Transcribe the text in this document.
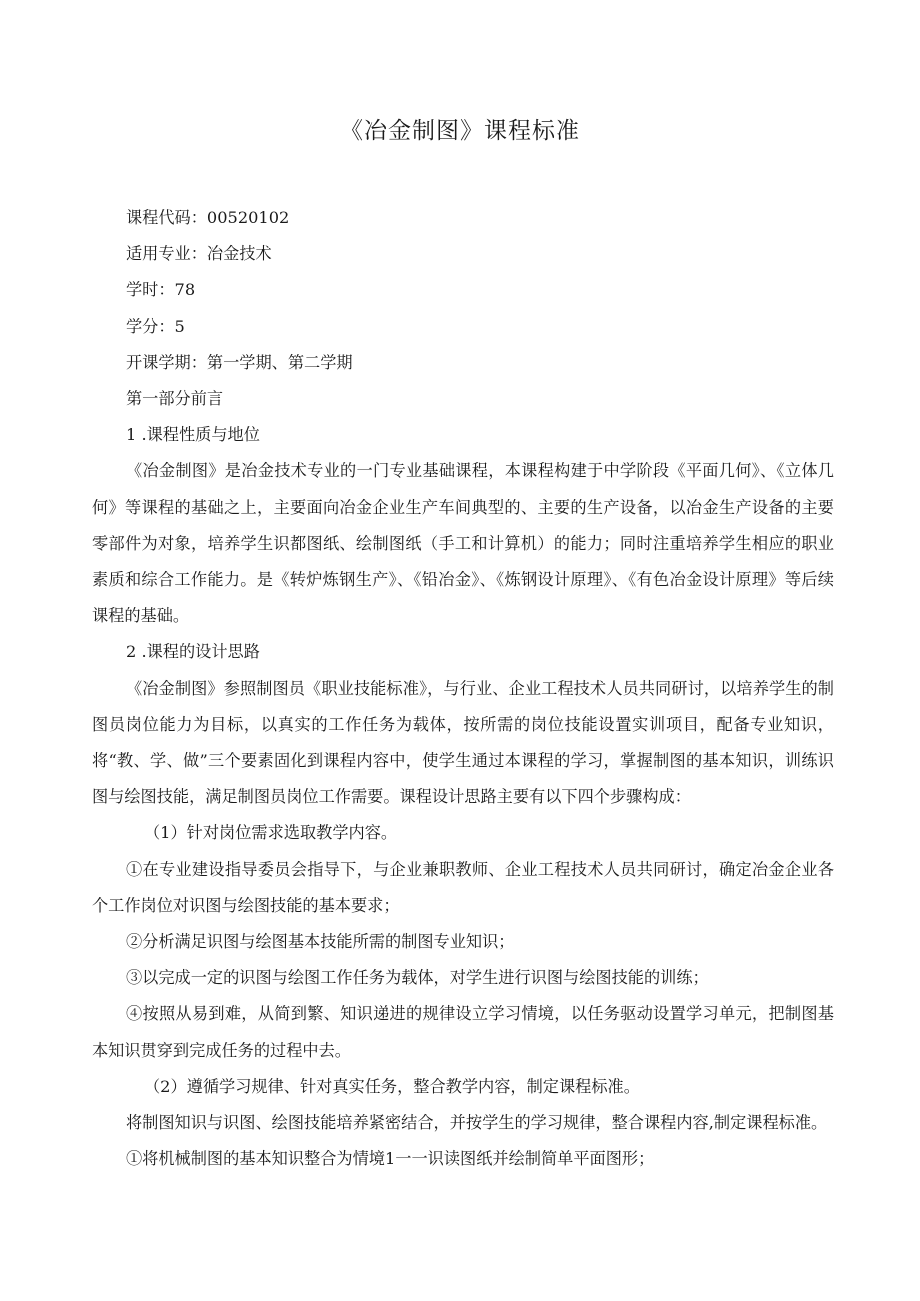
《冶金制图》课程标准

课程代码：00520102

适用专业：冶金技术

学时：78

学分：5

开课学期：第一学期、第二学期

第一部分前言

1 .课程性质与地位

《冶金制图》是冶金技术专业的一门专业基础课程，本课程构建于中学阶段《平面几何》、《立体几何》等课程的基础之上，主要面向冶金企业生产车间典型的、主要的生产设备，以冶金生产设备的主要零部件为对象，培养学生识都图纸、绘制图纸（手工和计算机）的能力；同时注重培养学生相应的职业素质和综合工作能力。是《转炉炼钢生产》、《铅冶金》、《炼钢设计原理》、《有色冶金设计原理》等后续课程的基础。

2 .课程的设计思路

《冶金制图》参照制图员《职业技能标准》，与行业、企业工程技术人员共同研讨，以培养学生的制图员岗位能力为目标，以真实的工作任务为载体，按所需的岗位技能设置实训项目，配备专业知识，将“教、学、做”三个要素固化到课程内容中，使学生通过本课程的学习，掌握制图的基本知识，训练识图与绘图技能，满足制图员岗位工作需要。课程设计思路主要有以下四个步骤构成：

（1）针对岗位需求选取教学内容。

①在专业建设指导委员会指导下，与企业兼职教师、企业工程技术人员共同研讨，确定冶金企业各个工作岗位对识图与绘图技能的基本要求；

②分析满足识图与绘图基本技能所需的制图专业知识；

③以完成一定的识图与绘图工作任务为载体，对学生进行识图与绘图技能的训练；

④按照从易到难，从简到繁、知识递进的规律设立学习情境，以任务驱动设置学习单元，把制图基本知识贯穿到完成任务的过程中去。

（2）遵循学习规律、针对真实任务，整合教学内容，制定课程标准。

将制图知识与识图、绘图技能培养紧密结合，并按学生的学习规律，整合课程内容,制定课程标准。

①将机械制图的基本知识整合为情境1一一识读图纸并绘制简单平面图形；
